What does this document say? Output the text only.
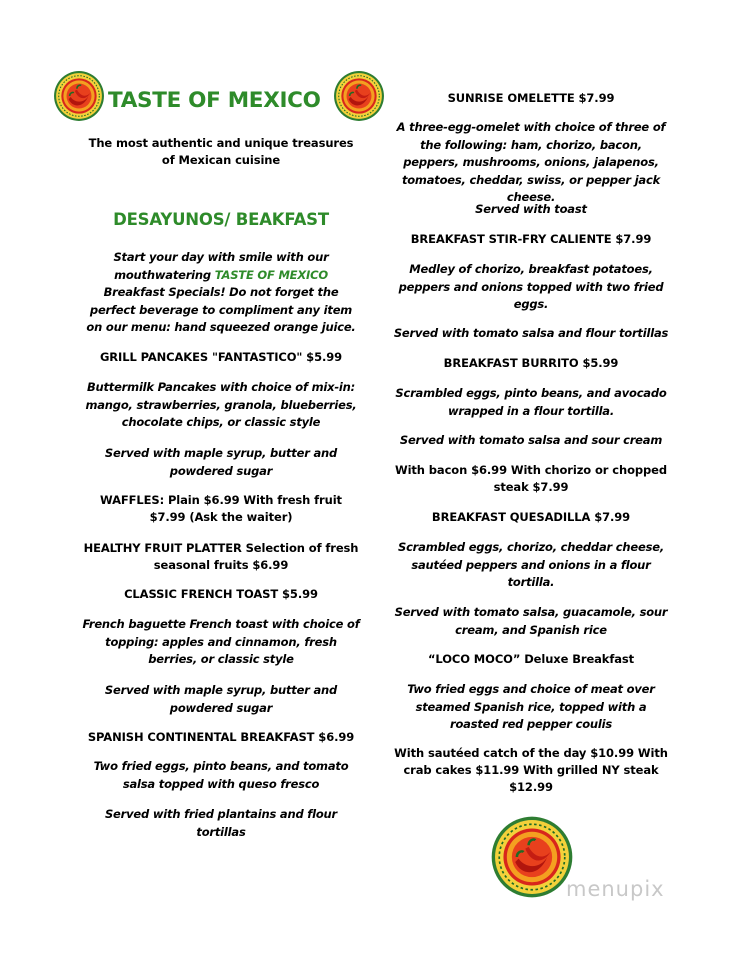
TASTE OF MEXICO

The most authentic and unique treasures of Mexican cuisine

DESAYUNOS/ BEAKFAST

Start your day with smile with our mouthwatering TASTE OF MEXICO Breakfast Specials! Do not forget the perfect beverage to compliment any item on our menu: hand squeezed orange juice.

GRILL PANCAKES "FANTASTICO" $5.99

Buttermilk Pancakes with choice of mix-in: mango, strawberries, granola, blueberries, chocolate chips, or classic style

Served with maple syrup, butter and powdered sugar

WAFFLES: Plain $6.99 With fresh fruit $7.99 (Ask the waiter)

HEALTHY FRUIT PLATTER Selection of fresh seasonal fruits $6.99

CLASSIC FRENCH TOAST $5.99

French baguette French toast with choice of topping: apples and cinnamon, fresh berries, or classic style

Served with maple syrup, butter and powdered sugar

SPANISH CONTINENTAL BREAKFAST $6.99

Two fried eggs, pinto beans, and tomato salsa topped with queso fresco

Served with fried plantains and flour tortillas

SUNRISE OMELETTE $7.99

A three-egg-omelet with choice of three of the following: ham, chorizo, bacon, peppers, mushrooms, onions, jalapenos, tomatoes, cheddar, swiss, or pepper jack cheese.

Served with toast

BREAKFAST STIR-FRY CALIENTE $7.99

Medley of chorizo, breakfast potatoes, peppers and onions topped with two fried eggs.

Served with tomato salsa and flour tortillas

BREAKFAST BURRITO $5.99

Scrambled eggs, pinto beans, and avocado wrapped in a flour tortilla.

Served with tomato salsa and sour cream

With bacon $6.99 With chorizo or chopped steak $7.99

BREAKFAST QUESADILLA $7.99

Scrambled eggs, chorizo, cheddar cheese, sautéed peppers and onions in a flour tortilla.

Served with tomato salsa, guacamole, sour cream, and Spanish rice

“LOCO MOCO” Deluxe Breakfast

Two fried eggs and choice of meat over steamed Spanish rice, topped with a roasted red pepper coulis

With sautéed catch of the day $10.99 With crab cakes $11.99 With grilled NY steak $12.99

menupix
